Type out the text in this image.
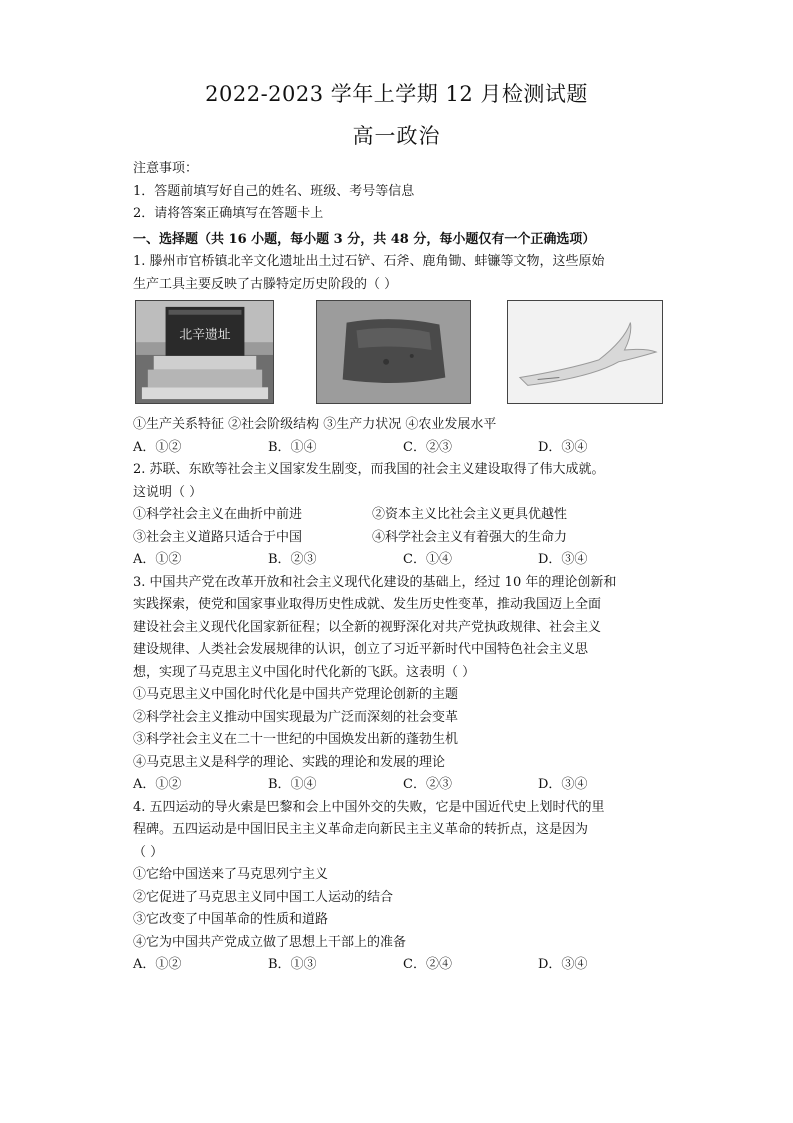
2022-2023 学年上学期 12 月检测试题
高一政治
注意事项：
1．答题前填写好自己的姓名、班级、考号等信息
2．请将答案正确填写在答题卡上
一、选择题（共 16 小题，每小题 3 分，共 48 分，每小题仅有一个正确选项）
1. 滕州市官桥镇北辛文化遗址出土过石铲、石斧、鹿角锄、蚌镰等文物，这些原始
生产工具主要反映了古滕特定历史阶段的（ ）
北辛遗址
①生产关系特征 ②社会阶级结构 ③生产力状况 ④农业发展水平
A．①②	B．①④	C．②③	D．③④
2. 苏联、东欧等社会主义国家发生剧变，而我国的社会主义建设取得了伟大成就。
这说明（ ）
①科学社会主义在曲折中前进	②资本主义比社会主义更具优越性
③社会主义道路只适合于中国	④科学社会主义有着强大的生命力
A．①②	B．②③	C．①④	D．③④
3. 中国共产党在改革开放和社会主义现代化建设的基础上，经过 10 年的理论创新和
实践探索，使党和国家事业取得历史性成就、发生历史性变革，推动我国迈上全面
建设社会主义现代化国家新征程；以全新的视野深化对共产党执政规律、社会主义
建设规律、人类社会发展规律的认识，创立了习近平新时代中国特色社会主义思
想，实现了马克思主义中国化时代化新的飞跃。这表明（ ）
①马克思主义中国化时代化是中国共产党理论创新的主题
②科学社会主义推动中国实现最为广泛而深刻的社会变革
③科学社会主义在二十一世纪的中国焕发出新的蓬勃生机
④马克思主义是科学的理论、实践的理论和发展的理论
A．①②	B．①④	C．②③	D．③④
4. 五四运动的导火索是巴黎和会上中国外交的失败，它是中国近代史上划时代的里
程碑。五四运动是中国旧民主主义革命走向新民主主义革命的转折点，这是因为
（ ）
①它给中国送来了马克思列宁主义
②它促进了马克思主义同中国工人运动的结合
③它改变了中国革命的性质和道路
④它为中国共产党成立做了思想上干部上的准备
A．①②	B．①③	C．②④	D．③④
